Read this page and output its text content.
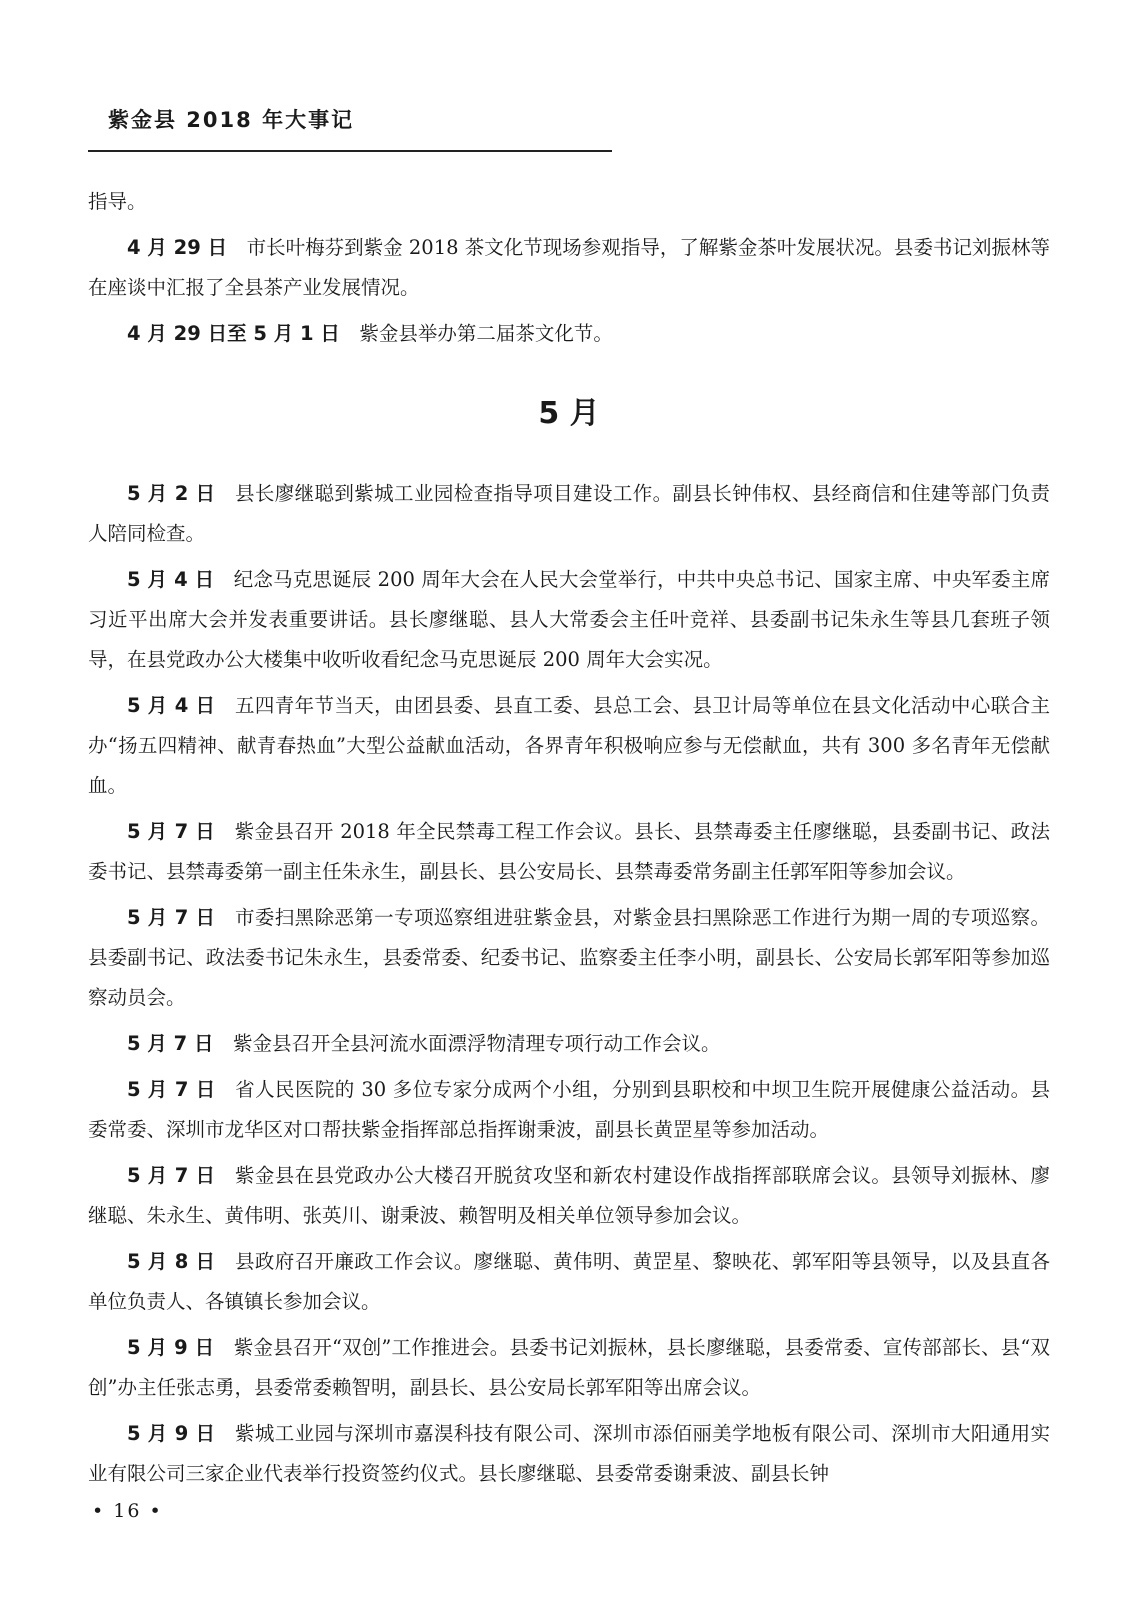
紫金县 2018 年大事记

指导。

4 月 29 日 市长叶梅芬到紫金 2018 茶文化节现场参观指导，了解紫金茶叶发展状况。县委书记刘振林等在座谈中汇报了全县茶产业发展情况。

4 月 29 日至 5 月 1 日 紫金县举办第二届茶文化节。

5 月

5 月 2 日 县长廖继聪到紫城工业园检查指导项目建设工作。副县长钟伟权、县经商信和住建等部门负责人陪同检查。

5 月 4 日 纪念马克思诞辰 200 周年大会在人民大会堂举行，中共中央总书记、国家主席、中央军委主席习近平出席大会并发表重要讲话。县长廖继聪、县人大常委会主任叶竞祥、县委副书记朱永生等县几套班子领导，在县党政办公大楼集中收听收看纪念马克思诞辰 200 周年大会实况。

5 月 4 日 五四青年节当天，由团县委、县直工委、县总工会、县卫计局等单位在县文化活动中心联合主办“扬五四精神、献青春热血”大型公益献血活动，各界青年积极响应参与无偿献血，共有 300 多名青年无偿献血。

5 月 7 日 紫金县召开 2018 年全民禁毒工程工作会议。县长、县禁毒委主任廖继聪，县委副书记、政法委书记、县禁毒委第一副主任朱永生，副县长、县公安局长、县禁毒委常务副主任郭军阳等参加会议。

5 月 7 日 市委扫黑除恶第一专项巡察组进驻紫金县，对紫金县扫黑除恶工作进行为期一周的专项巡察。县委副书记、政法委书记朱永生，县委常委、纪委书记、监察委主任李小明，副县长、公安局长郭军阳等参加巡察动员会。

5 月 7 日 紫金县召开全县河流水面漂浮物清理专项行动工作会议。

5 月 7 日 省人民医院的 30 多位专家分成两个小组，分别到县职校和中坝卫生院开展健康公益活动。县委常委、深圳市龙华区对口帮扶紫金指挥部总指挥谢秉波，副县长黄罡星等参加活动。

5 月 7 日 紫金县在县党政办公大楼召开脱贫攻坚和新农村建设作战指挥部联席会议。县领导刘振林、廖继聪、朱永生、黄伟明、张英川、谢秉波、赖智明及相关单位领导参加会议。

5 月 8 日 县政府召开廉政工作会议。廖继聪、黄伟明、黄罡星、黎映花、郭军阳等县领导，以及县直各单位负责人、各镇镇长参加会议。

5 月 9 日 紫金县召开“双创”工作推进会。县委书记刘振林，县长廖继聪，县委常委、宣传部部长、县“双创”办主任张志勇，县委常委赖智明，副县长、县公安局长郭军阳等出席会议。

5 月 9 日 紫城工业园与深圳市嘉淏科技有限公司、深圳市添佰丽美学地板有限公司、深圳市大阳通用实业有限公司三家企业代表举行投资签约仪式。县长廖继聪、县委常委谢秉波、副县长钟

• 16 •
